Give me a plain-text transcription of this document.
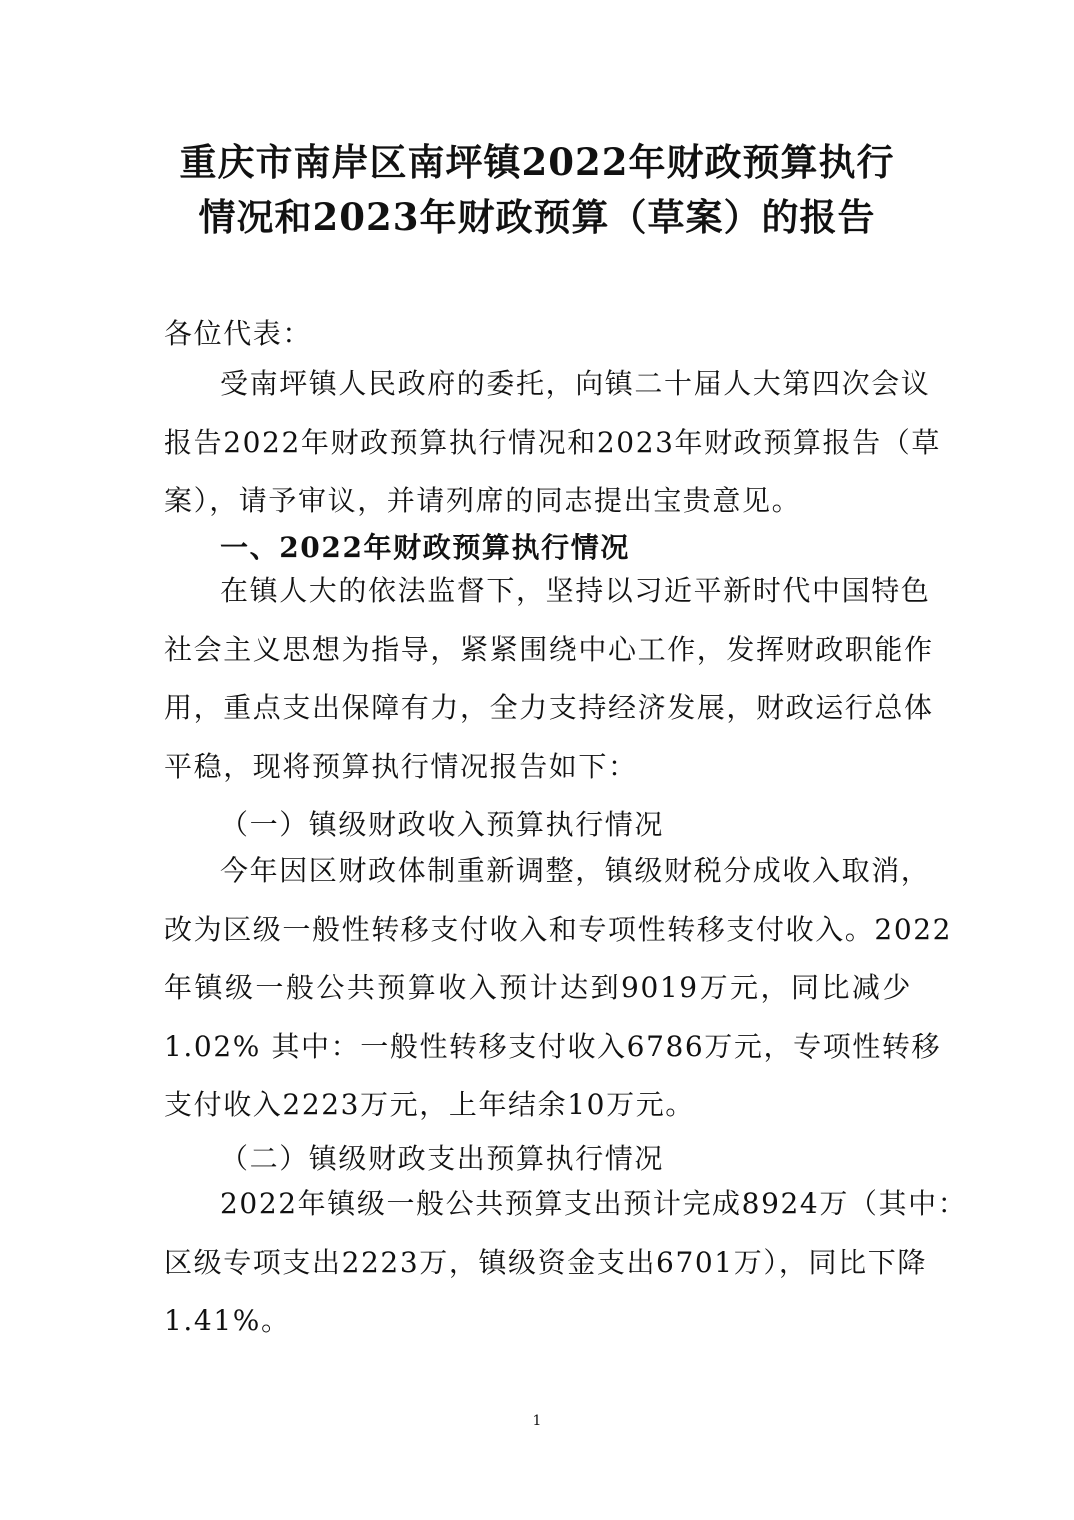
重庆市南岸区南坪镇2022年财政预算执行
情况和2023年财政预算（草案）的报告

各位代表：

受南坪镇人民政府的委托，向镇二十届人大第四次会议
报告2022年财政预算执行情况和2023年财政预算报告（草
案），请予审议，并请列席的同志提出宝贵意见。

一、2022年财政预算执行情况

在镇人大的依法监督下，坚持以习近平新时代中国特色
社会主义思想为指导，紧紧围绕中心工作，发挥财政职能作
用，重点支出保障有力，全力支持经济发展，财政运行总体
平稳，现将预算执行情况报告如下：

（一）镇级财政收入预算执行情况

今年因区财政体制重新调整，镇级财税分成收入取消，
改为区级一般性转移支付收入和专项性转移支付收入。2022
年镇级一般公共预算收入预计达到9019万元，同比减少
1.02% 其中：一般性转移支付收入6786万元，专项性转移
支付收入2223万元，上年结余10万元。

（二）镇级财政支出预算执行情况

2022年镇级一般公共预算支出预计完成8924万（其中：
区级专项支出2223万，镇级资金支出6701万），同比下降
1.41%。

1
